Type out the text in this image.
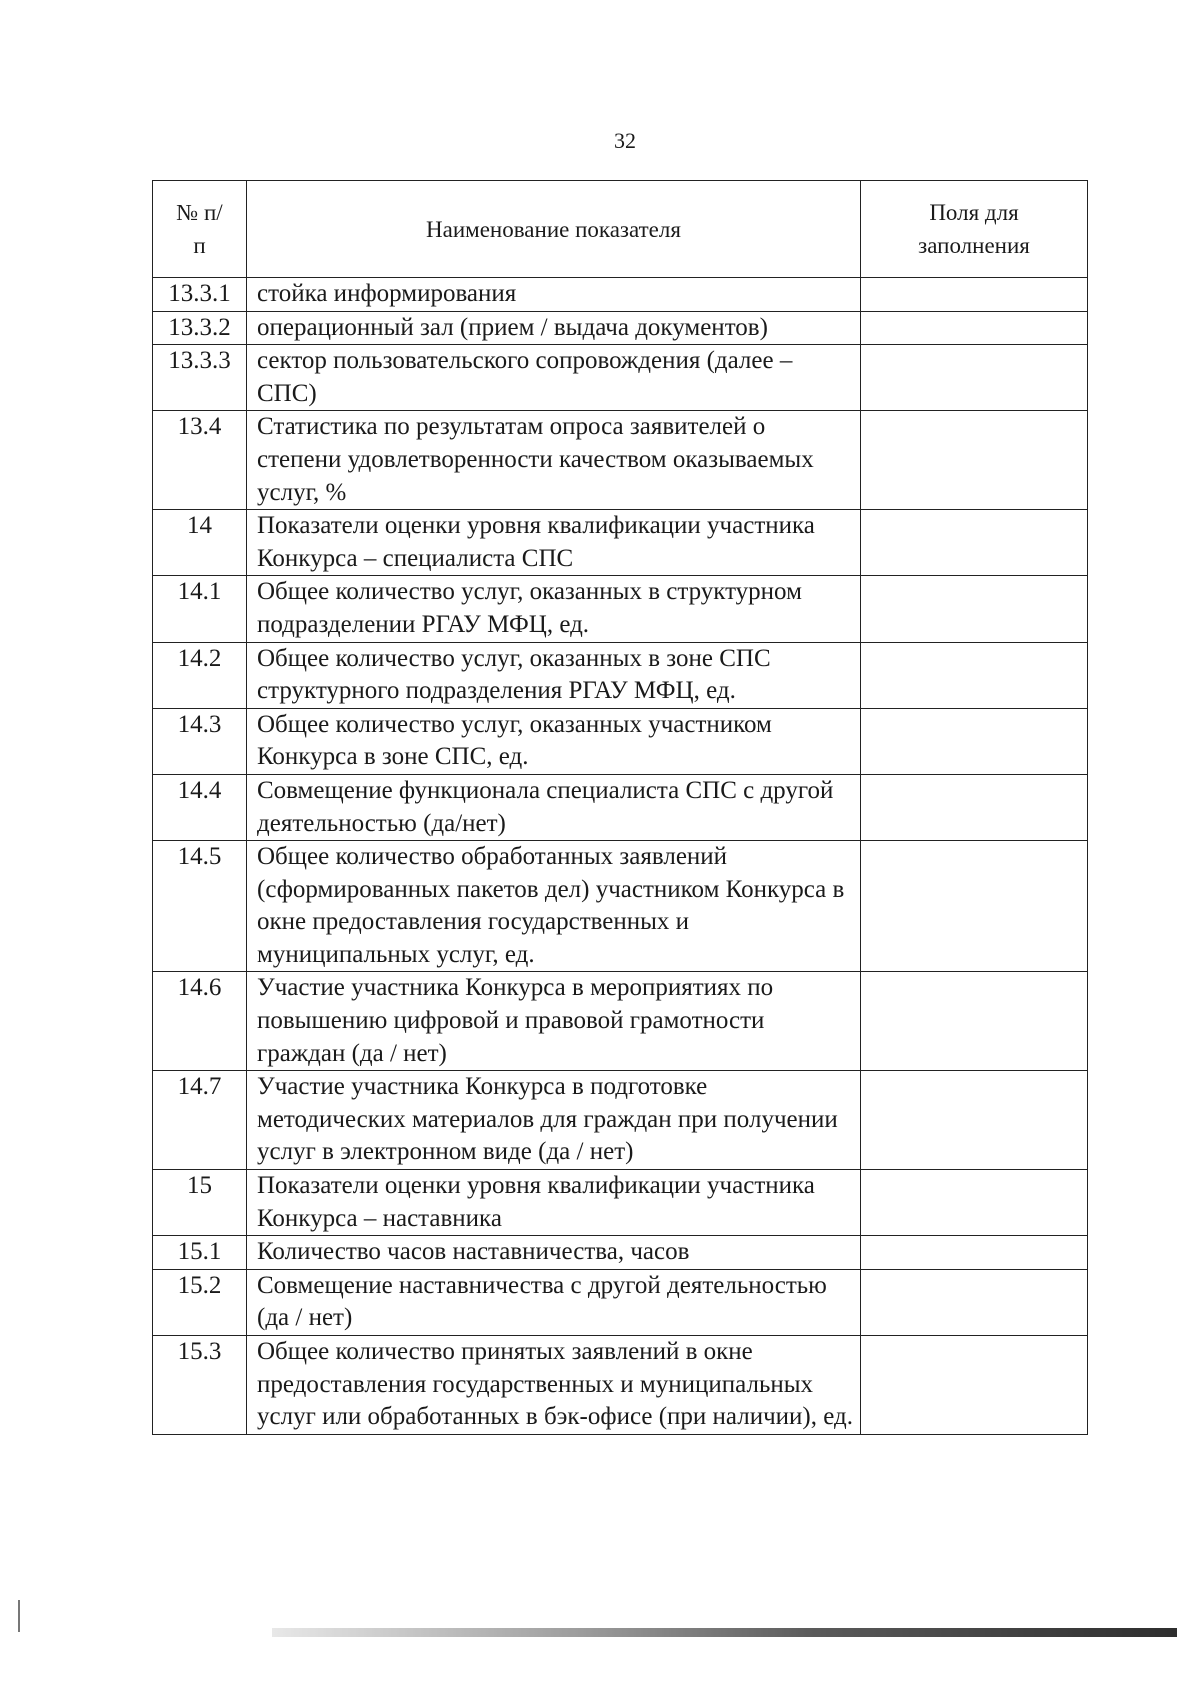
32
№ п/п	Наименование показателя	Поля для заполнения
13.3.1	стойка информирования	
13.3.2	операционный зал (прием / выдача документов)	
13.3.3	сектор пользовательского сопровождения (далее – СПС)	
13.4	Статистика по результатам опроса заявителей о степени удовлетворенности качеством оказываемых услуг, %	
14	Показатели оценки уровня квалификации участника Конкурса – специалиста СПС	
14.1	Общее количество услуг, оказанных в структурном подразделении РГАУ МФЦ, ед.	
14.2	Общее количество услуг, оказанных в зоне СПС структурного подразделения РГАУ МФЦ, ед.	
14.3	Общее количество услуг, оказанных участником Конкурса в зоне СПС, ед.	
14.4	Совмещение функционала специалиста СПС с другой деятельностью (да/нет)	
14.5	Общее количество обработанных заявлений (сформированных пакетов дел) участником Конкурса в окне предоставления государственных и муниципальных услуг, ед.	
14.6	Участие участника Конкурса в мероприятиях по повышению цифровой и правовой грамотности граждан (да / нет)	
14.7	Участие участника Конкурса в подготовке методических материалов для граждан при получении услуг в электронном виде (да / нет)	
15	Показатели оценки уровня квалификации участника Конкурса – наставника	
15.1	Количество часов наставничества, часов	
15.2	Совмещение наставничества с другой деятельностью (да / нет)	
15.3	Общее количество принятых заявлений в окне предоставления государственных и муниципальных услуг или обработанных в бэк-офисе (при наличии), ед.	
